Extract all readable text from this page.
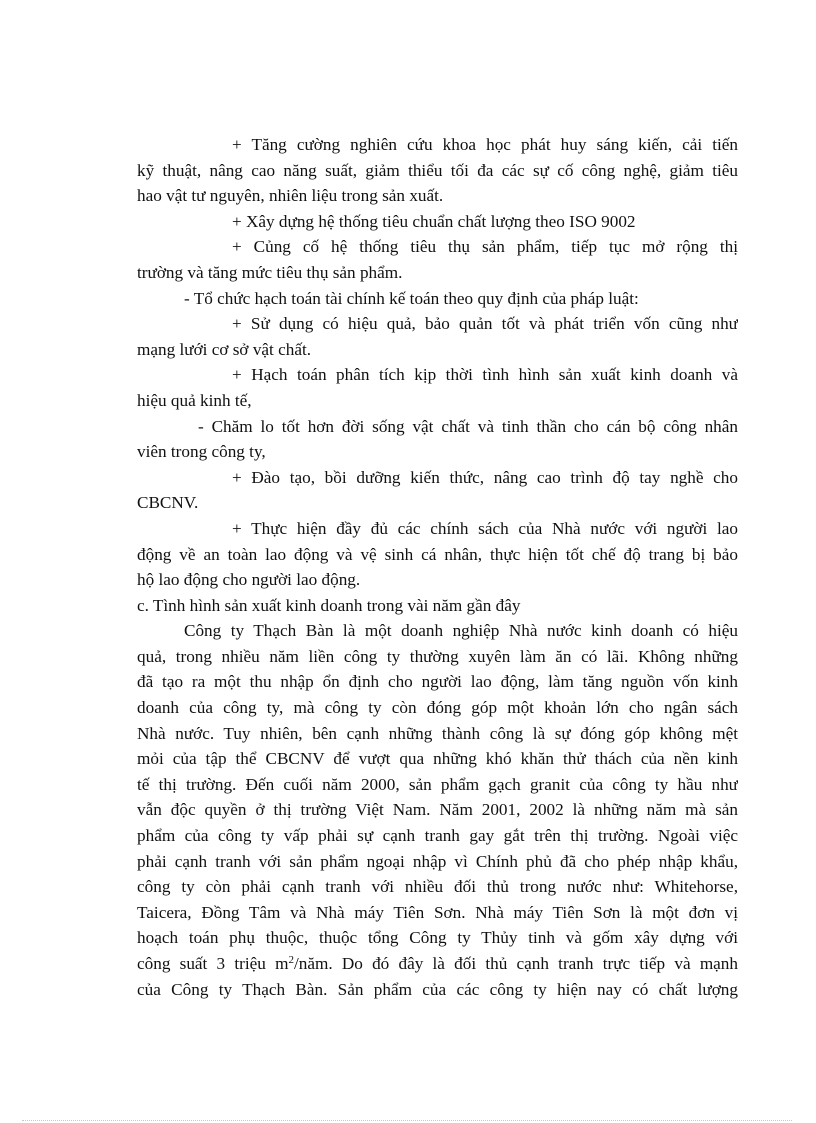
+ Tăng cường nghiên cứu khoa học phát huy sáng kiến, cải tiến
kỹ thuật, nâng cao năng suất, giảm thiểu tối đa các sự cố công nghệ, giảm tiêu
hao vật tư nguyên, nhiên liệu trong sản xuất.
+ Xây dựng hệ thống tiêu chuẩn chất lượng theo ISO 9002
+ Củng cố hệ thống tiêu thụ sản phẩm, tiếp tục mở rộng thị
trường và tăng mức tiêu thụ sản phẩm.
- Tổ chức hạch toán tài chính kế toán theo quy định của pháp luật:
+ Sử dụng có hiệu quả, bảo quản tốt và phát triển vốn cũng như
mạng lưới cơ sở vật chất.
+ Hạch toán phân tích kịp thời tình hình sản xuất kinh doanh và
hiệu quả kinh tế,
- Chăm lo tốt hơn đời sống vật chất và tinh thần cho cán bộ công nhân
viên trong công ty,
+ Đào tạo, bồi dưỡng kiến thức, nâng cao trình độ tay nghề cho
CBCNV.
+ Thực hiện đầy đủ các chính sách của Nhà nước với người lao
động về an toàn lao động và vệ sinh cá nhân, thực hiện tốt chế độ trang bị bảo
hộ lao động cho người lao động.
c. Tình hình sản xuất kinh doanh trong vài năm gần đây
Công ty Thạch Bàn là một doanh nghiệp Nhà nước kinh doanh có hiệu
quả, trong nhiều năm liền công ty thường xuyên làm ăn có lãi. Không những
đã tạo ra một thu nhập ổn định cho người lao động, làm tăng nguồn vốn kinh
doanh của công ty, mà công ty còn đóng góp một khoản lớn cho ngân sách
Nhà nước. Tuy nhiên, bên cạnh những thành công là sự đóng góp không mệt
mỏi của tập thể CBCNV để vượt qua những khó khăn thử thách của nền kinh
tế thị trường. Đến cuối năm 2000, sản phẩm gạch granit của công ty hầu như
vẫn độc quyền ở thị trường Việt Nam. Năm 2001, 2002 là những năm mà sản
phẩm của công ty vấp phải sự cạnh tranh gay gắt trên thị trường. Ngoài việc
phải cạnh tranh với sản phẩm ngoại nhập vì Chính phủ đã cho phép nhập khẩu,
công ty còn phải cạnh tranh với nhiều đối thủ trong nước như: Whitehorse,
Taicera, Đồng Tâm và Nhà máy Tiên Sơn. Nhà máy Tiên Sơn là một đơn vị
hoạch toán phụ thuộc, thuộc tổng Công ty Thủy tinh và gốm xây dựng với
công suất 3 triệu $m^2$/năm. Do đó đây là đối thủ cạnh tranh trực tiếp và mạnh
của Công ty Thạch Bàn. Sản phẩm của các công ty hiện nay có chất lượng
